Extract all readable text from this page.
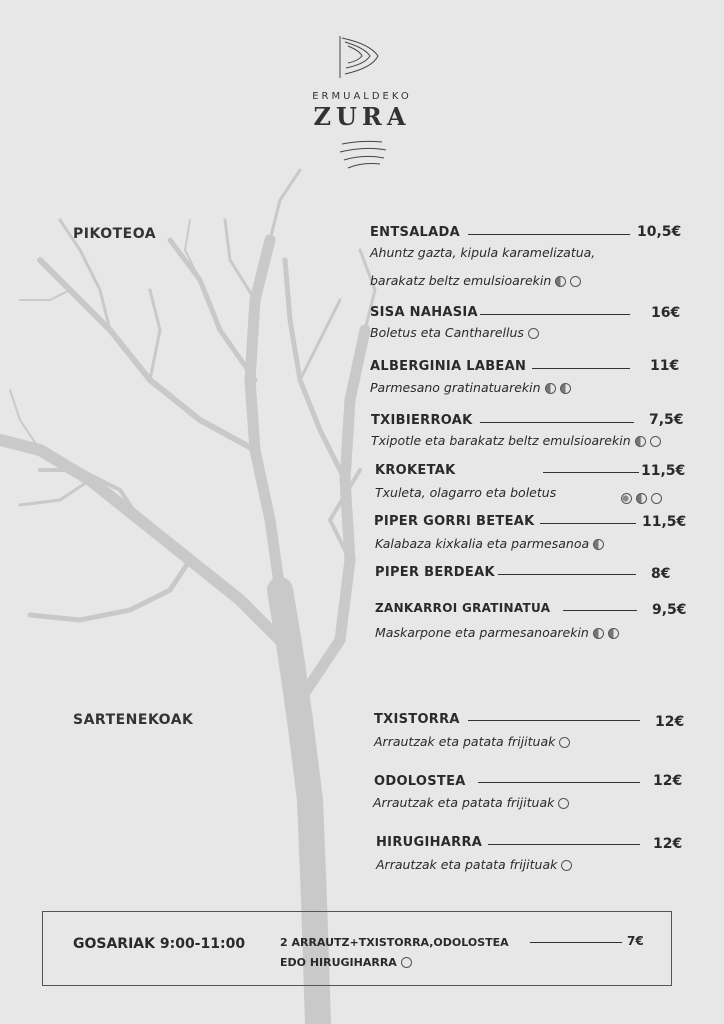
ERMUALDEKO
ZURA
PIKOTEOA
SARTENEKOAK
ENTSALADA	10,5€
Ahuntz gazta, kipula karamelizatua,
barakatz beltz emulsioarekin
SISA NAHASIA	16€
Boletus eta Cantharellus
ALBERGINIA LABEAN	11€
Parmesano gratinatuarekin
TXIBIERROAK	7,5€
Txipotle eta barakatz beltz emulsioarekin
KROKETAK	11,5€
Txuleta, olagarro eta boletus
PIPER GORRI BETEAK	11,5€
Kalabaza kixkalia eta parmesanoa
PIPER BERDEAK	8€
ZANKARROI GRATINATUA	9,5€
Maskarpone eta parmesanoarekin
TXISTORRA	12€
Arrautzak eta patata frijituak
ODOLOSTEA	12€
Arrautzak eta patata frijituak
HIRUGIHARRA	12€
Arrautzak eta patata frijituak
GOSARIAK 9:00-11:00	2 ARRAUTZ+TXISTORRA,ODOLOSTEA	7€
EDO HIRUGIHARRA
